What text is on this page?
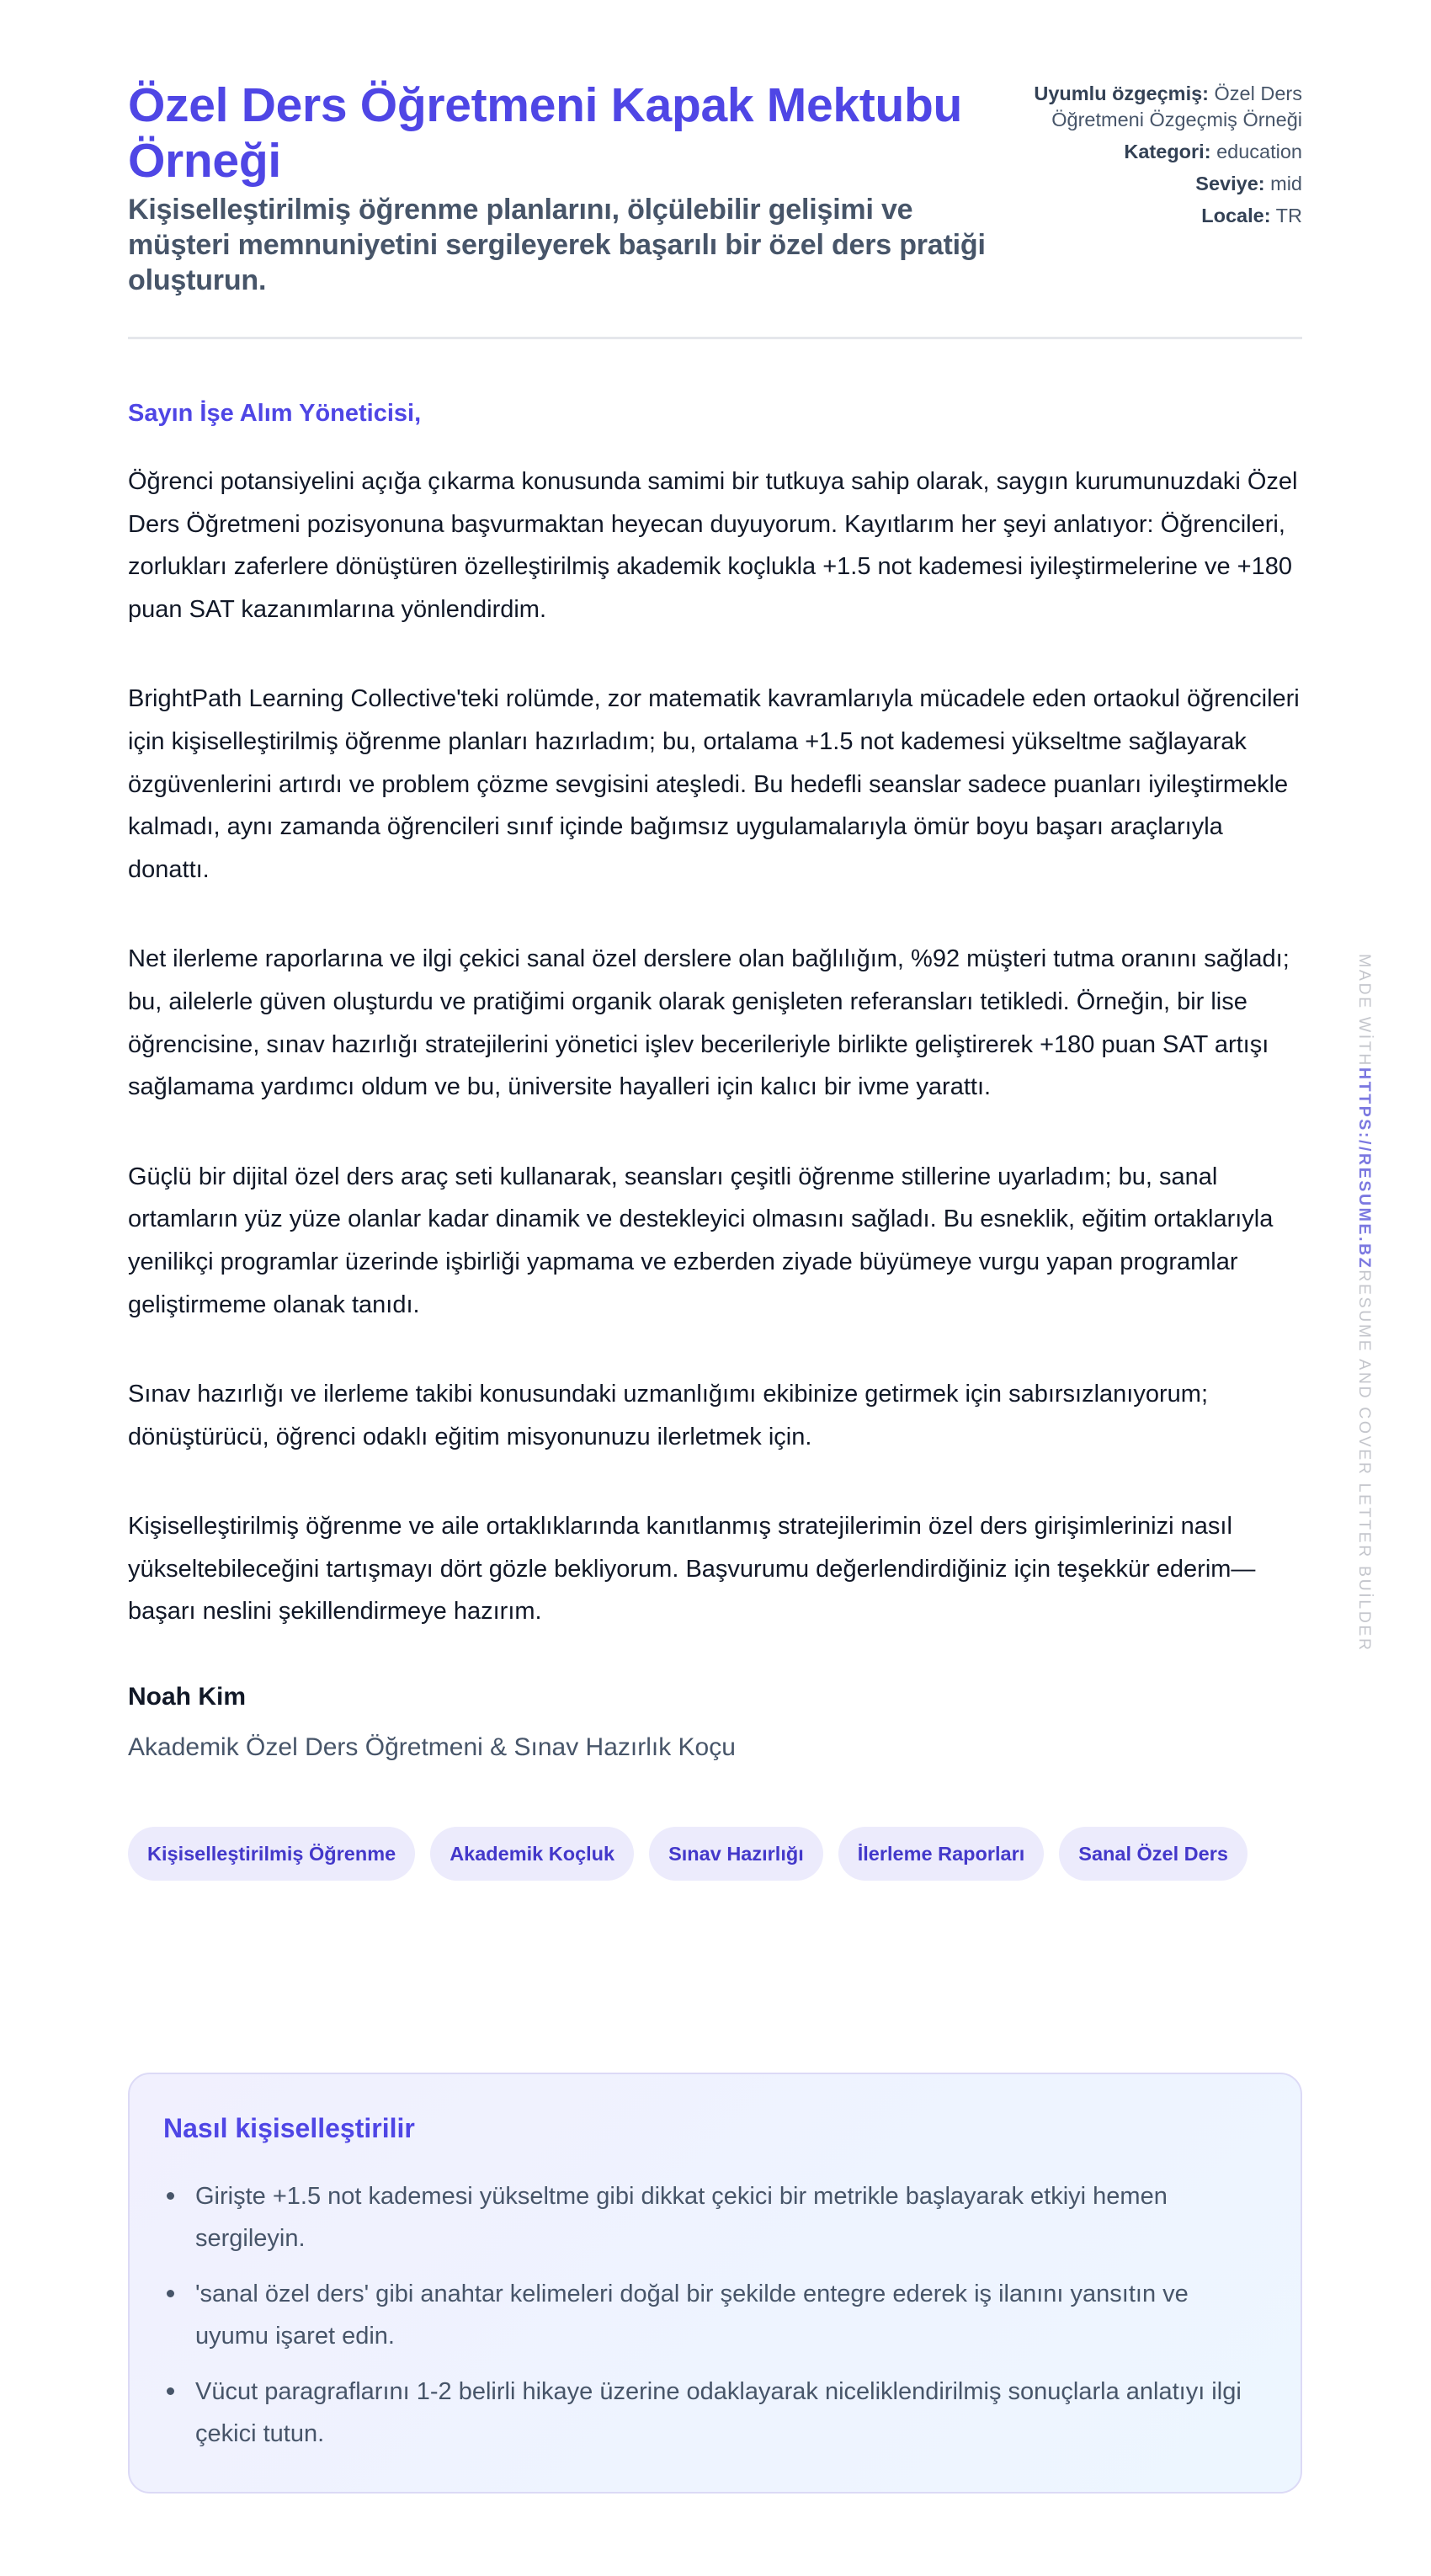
Özel Ders Öğretmeni Kapak Mektubu Örneği

Kişiselleştirilmiş öğrenme planlarını, ölçülebilir gelişimi ve müşteri memnuniyetini sergileyerek başarılı bir özel ders pratiği oluşturun.

Uyumlu özgeçmiş: Özel Ders Öğretmeni Özgeçmiş Örneği
Kategori: education
Seviye: mid
Locale: TR

Sayın İşe Alım Yöneticisi,

Öğrenci potansiyelini açığa çıkarma konusunda samimi bir tutkuya sahip olarak, saygın kurumunuzdaki Özel Ders Öğretmeni pozisyonuna başvurmaktan heyecan duyuyorum. Kayıtlarım her şeyi anlatıyor: Öğrencileri, zorlukları zaferlere dönüştüren özelleştirilmiş akademik koçlukla +1.5 not kademesi iyileştirmelerine ve +180 puan SAT kazanımlarına yönlendirdim.

BrightPath Learning Collective'teki rolümde, zor matematik kavramlarıyla mücadele eden ortaokul öğrencileri için kişiselleştirilmiş öğrenme planları hazırladım; bu, ortalama +1.5 not kademesi yükseltme sağlayarak özgüvenlerini artırdı ve problem çözme sevgisini ateşledi. Bu hedefli seanslar sadece puanları iyileştirmekle kalmadı, aynı zamanda öğrencileri sınıf içinde bağımsız uygulamalarıyla ömür boyu başarı araçlarıyla donattı.

Net ilerleme raporlarına ve ilgi çekici sanal özel derslere olan bağlılığım, %92 müşteri tutma oranını sağladı; bu, ailelerle güven oluşturdu ve pratiğimi organik olarak genişleten referansları tetikledi. Örneğin, bir lise öğrencisine, sınav hazırlığı stratejilerini yönetici işlev becerileriyle birlikte geliştirerek +180 puan SAT artışı sağlamama yardımcı oldum ve bu, üniversite hayalleri için kalıcı bir ivme yarattı.

Güçlü bir dijital özel ders araç seti kullanarak, seansları çeşitli öğrenme stillerine uyarladım; bu, sanal ortamların yüz yüze olanlar kadar dinamik ve destekleyici olmasını sağladı. Bu esneklik, eğitim ortaklarıyla yenilikçi programlar üzerinde işbirliği yapmama ve ezberden ziyade büyümeye vurgu yapan programlar geliştirmeme olanak tanıdı.

Sınav hazırlığı ve ilerleme takibi konusundaki uzmanlığımı ekibinize getirmek için sabırsızlanıyorum; dönüştürücü, öğrenci odaklı eğitim misyonunuzu ilerletmek için.

Kişiselleştirilmiş öğrenme ve aile ortaklıklarında kanıtlanmış stratejilerimin özel ders girişimlerinizi nasıl yükseltebileceğini tartışmayı dört gözle bekliyorum. Başvurumu değerlendirdiğiniz için teşekkür ederim—başarı neslini şekillendirmeye hazırım.

Noah Kim

Akademik Özel Ders Öğretmeni & Sınav Hazırlık Koçu

Kişiselleştirilmiş Öğrenme	Akademik Koçluk	Sınav Hazırlığı	İlerleme Raporları	Sanal Özel Ders
Nasıl kişiselleştirilir
Girişte +1.5 not kademesi yükseltme gibi dikkat çekici bir metrikle başlayarak etkiyi hemen sergileyin.
'sanal özel ders' gibi anahtar kelimeleri doğal bir şekilde entegre ederek iş ilanını yansıtın ve uyumu işaret edin.
Vücut paragraflarını 1-2 belirli hikaye üzerine odaklayarak niceliklendirilmiş sonuçlarla anlatıyı ilgi çekici tutun.
MADE WİTHHTTPS://RESUME.BZRESUME AND COVER LETTER BUİLDER
